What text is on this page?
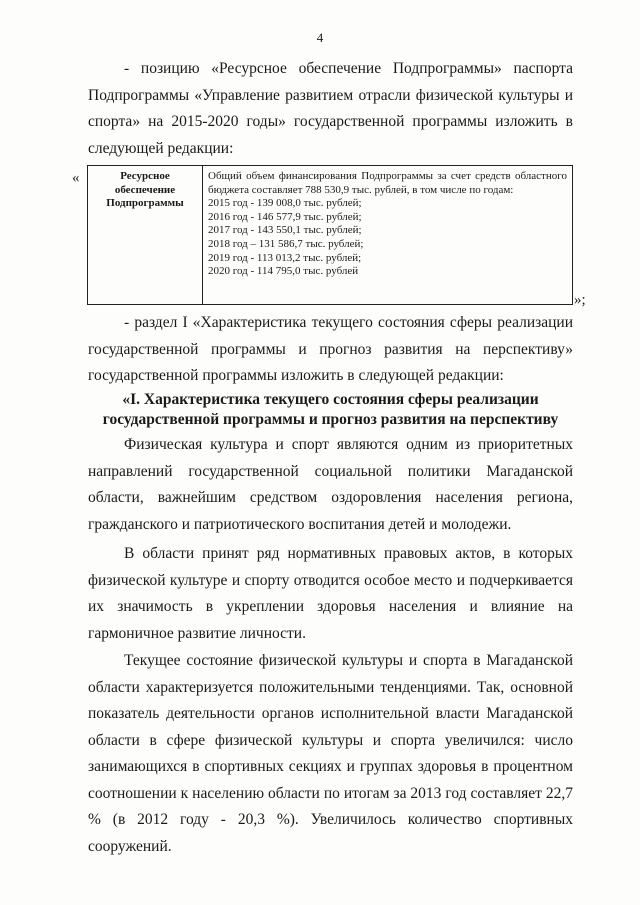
4

- позицию «Ресурсное обеспечение Подпрограммы» паспорта Подпрограммы «Управление развитием отрасли физической культуры и спорта» на 2015-2020 годы» государственной программы изложить в следующей редакции:

«	Ресурсное обеспечение Подпрограммы	
Общий объем финансирования Подпрограммы за счет средств областного бюджета составляет 788 530,9 тыс. рублей, в том числе по годам:
2015 год - 139 008,0 тыс. рублей;
2016 год - 146 577,9 тыс. рублей;
2017 год - 143 550,1 тыс. рублей;
2018 год – 131 586,7 тыс. рублей;
2019 год - 113 013,2 тыс. рублей;
2020 год - 114 795,0 тыс. рублей
»;

- раздел I «Характеристика текущего состояния сферы реализации государственной программы и прогноз развития на перспективу» государственной программы изложить в следующей редакции:

«I. Характеристика текущего состояния сферы реализации государственной программы и прогноз развития на перспективу

Физическая культура и спорт являются одним из приоритетных направлений государственной социальной политики Магаданской области, важнейшим средством оздоровления населения региона, гражданского и патриотического воспитания детей и молодежи.

В области принят ряд нормативных правовых актов, в которых физической культуре и спорту отводится особое место и подчеркивается их значимость в укреплении здоровья населения и влияние на гармоничное развитие личности.

Текущее состояние физической культуры и спорта в Магаданской области характеризуется положительными тенденциями. Так, основной показатель деятельности органов исполнительной власти Магаданской области в сфере физической культуры и спорта увеличился: число занимающихся в спортивных секциях и группах здоровья в процентном соотношении к населению области по итогам за 2013 год составляет 22,7 % (в 2012 году - 20,3 %). Увеличилось количество спортивных сооружений.
